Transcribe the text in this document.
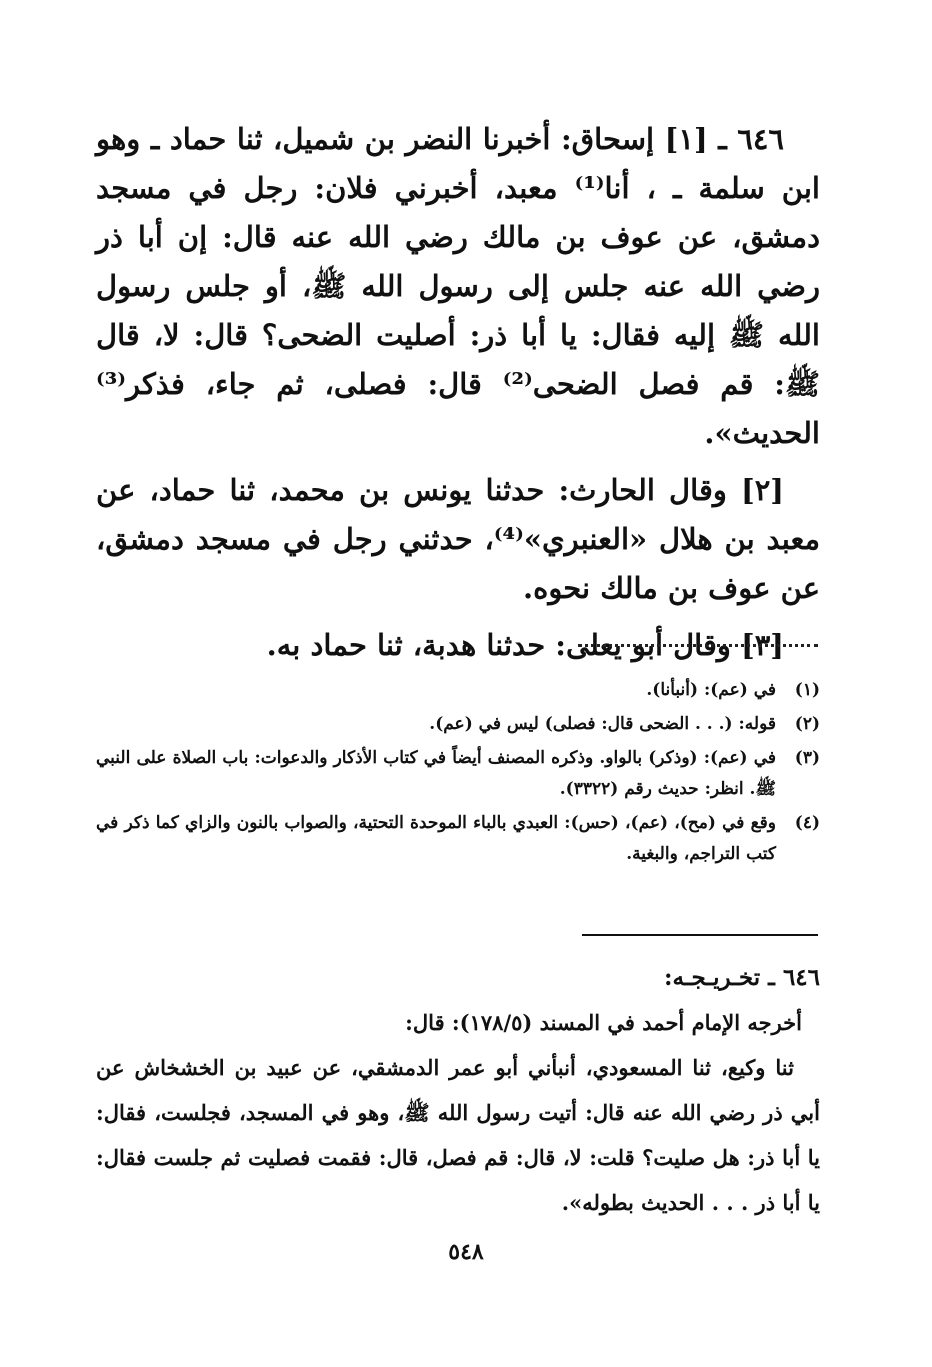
٦٤٦ ـ [١] إسحاق: أخبرنا النضر بن شميل، ثنا حماد ـ وهو ابن سلمة ـ ، أنا⁽¹⁾ معبد، أخبرني فلان: رجل في مسجد دمشق، عن عوف بن مالك رضي الله عنه قال: إن أبا ذر رضي الله عنه جلس إلى رسول الله ﷺ، أو جلس رسول الله ﷺ إليه فقال: يا أبا ذر: أصليت الضحى؟ قال: لا، قال ﷺ: قم فصل الضحى⁽²⁾ قال: فصلى، ثم جاء، فذكر⁽³⁾ الحديث».

[٢] وقال الحارث: حدثنا يونس بن محمد، ثنا حماد، عن معبد بن هلال «العنبري»⁽⁴⁾، حدثني رجل في مسجد دمشق، عن عوف بن مالك نحوه.

[٣] وقال أبو يعلى: حدثنا هدبة، ثنا حماد به.

(١)
في (عم): (أنبأنا).
(٢)
قوله: (. . . الضحى قال: فصلى) ليس في (عم).
(٣)
في (عم): (وذكر) بالواو. وذكره المصنف أيضاً في كتاب الأذكار والدعوات: باب الصلاة على النبي ﷺ. انظر: حديث رقم (٣٣٢٢).
(٤)
وقع في (مح)، (عم)، (حس): العبدي بالباء الموحدة التحتية، والصواب بالنون والزاي كما ذكر في كتب التراجم، والبغية.

٦٤٦ ـ تخـريـجـه:

أخرجه الإمام أحمد في المسند (١٧٨/٥): قال:

ثنا وكيع، ثنا المسعودي، أنبأني أبو عمر الدمشقي، عن عبيد بن الخشخاش عن أبي ذر رضي الله عنه قال: أتيت رسول الله ﷺ، وهو في المسجد، فجلست، فقال: يا أبا ذر: هل صليت؟ قلت: لا، قال: قم فصل، قال: فقمت فصليت ثم جلست فقال: يا أبا ذر . . . الحديث بطوله».

٥٤٨
